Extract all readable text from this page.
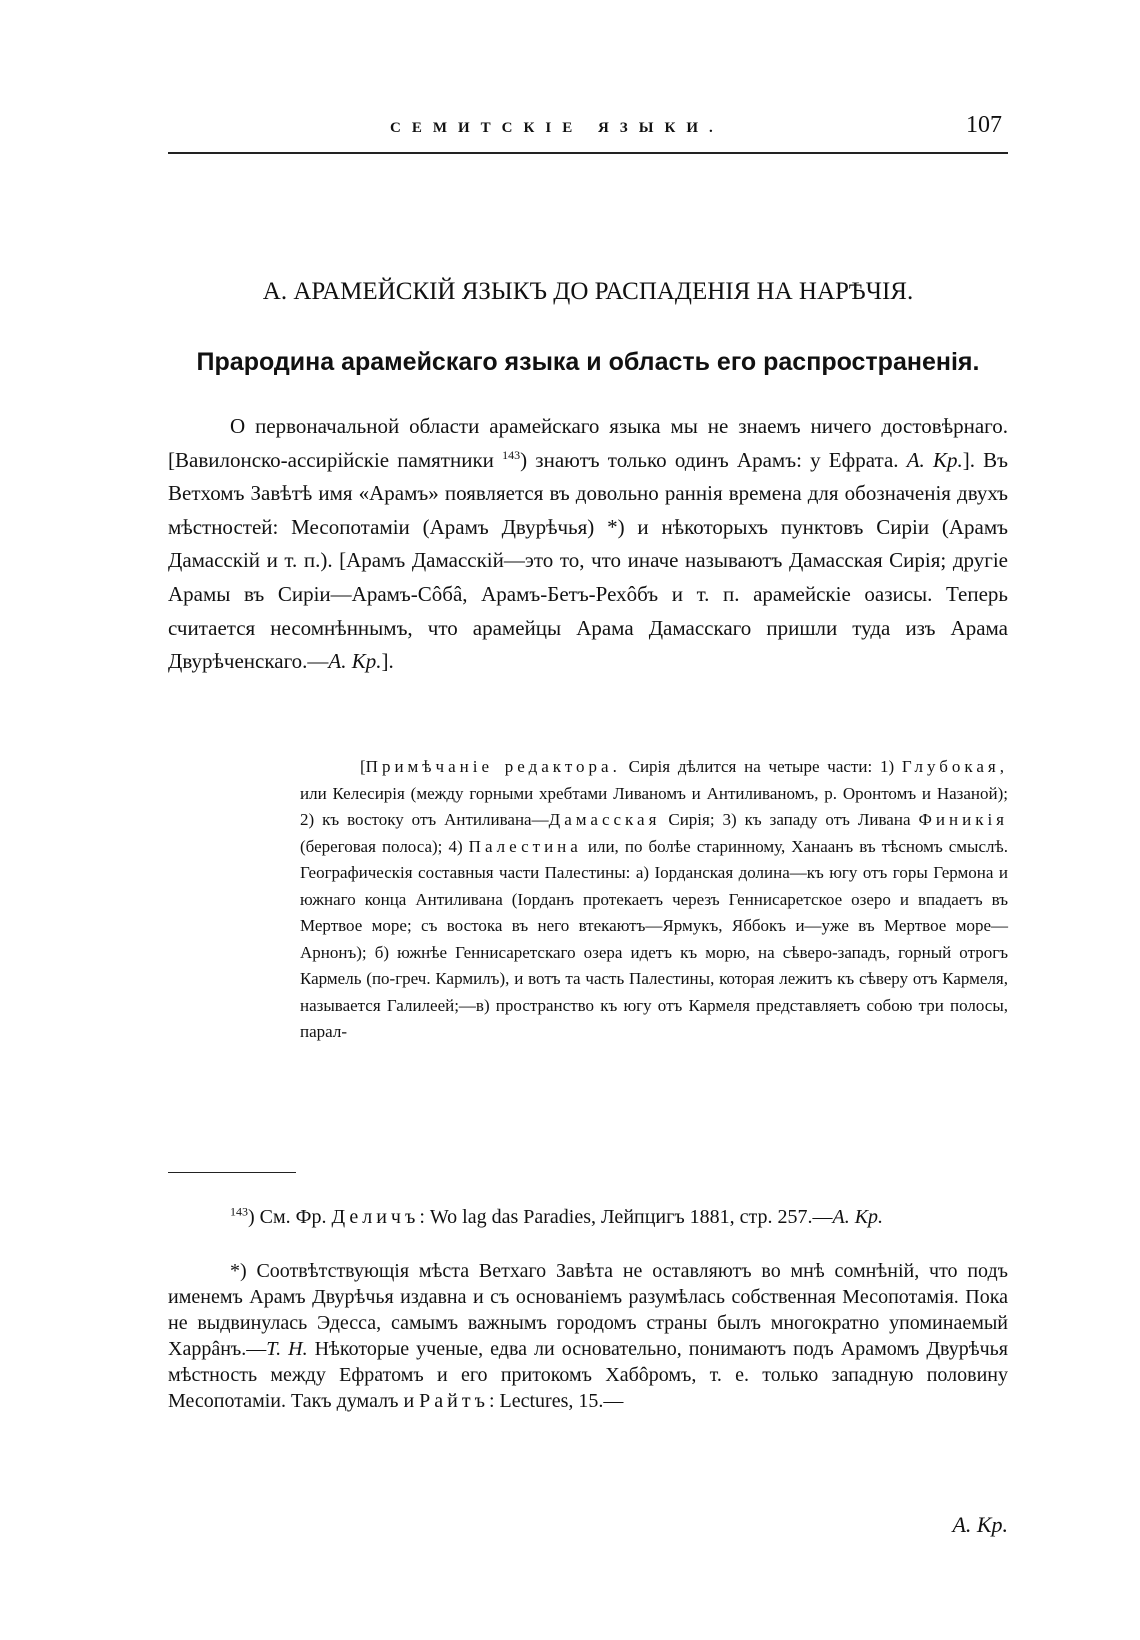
СЕМИТСКІЕ ЯЗЫКИ.	107
А. АРАМЕЙСКІЙ ЯЗЫКЪ ДО РАСПАДЕНІЯ НА НАРѢЧІЯ.
Прародина арамейскаго языка и область его распространенія.
О первоначальной области арамейскаго языка мы не знаемъ ничего достовѣрнаго. [Вавилонско-ассирійскіе памятники $^{143}$) знаютъ только одинъ Арамъ: у Ефрата. А. Кр.]. Въ Ветхомъ Завѣтѣ имя «Арамъ» появляется въ довольно раннія времена для обозначенія двухъ мѣстностей: Месопотаміи (Арамъ Двурѣчья) *) и нѣкоторыхъ пунктовъ Сиріи (Арамъ Дамасскій и т. п.). [Арамъ Дамасскій—это то, что иначе называютъ Дамасская Сирія; другіе Арамы въ Сиріи—Арамъ-Сôбâ, Арамъ-Бетъ-Рехôбъ и т. п. арамейскіе оазисы. Теперь считается несомнѣннымъ, что арамейцы Арама Дамасскаго пришли туда изъ Арама Двурѣченскаго.—А. Кр.].
[Примѣчаніе редактора. Сирія дѣлится на четыре части: 1) Глубокая, или Келесирія (между горными хребтами Ливаномъ и Антиливаномъ, р. Оронтомъ и Назаной); 2) къ востоку отъ Антиливана—Дамасская Сирія; 3) къ западу отъ Ливана Финикія (береговая полоса); 4) Палестина или, по болѣе старинному, Ханаанъ въ тѣсномъ смыслѣ. Географическія составныя части Палестины: а) Іорданская долина—къ югу отъ горы Гермона и южнаго конца Антиливана (Іорданъ протекаетъ черезъ Геннисаретское озеро и впадаетъ въ Мертвое море; съ востока въ него втекаютъ—Ярмукъ, Яббокъ и—уже въ Мертвое море—Арнонъ); б) южнѣе Геннисаретскаго озера идетъ къ морю, на сѣверо-западъ, горный отрогъ Кармель (по-греч. Кармилъ), и вотъ та часть Палестины, которая лежитъ къ сѣверу отъ Кармеля, называется Галилеей;—в) пространство къ югу отъ Кармеля представляетъ собою три полосы, парал-
$^{143}$) См. Фр. Деличъ: Wo lag das Paradies, Лейпцигъ 1881, стр. 257.—А. Кр.
*) Соотвѣтствующія мѣста Ветхаго Завѣта не оставляютъ во мнѣ сомнѣній, что подъ именемъ Арамъ Двурѣчья издавна и съ основаніемъ разумѣлась собственная Месопотамія. Пока не выдвинулась Эдесса, самымъ важнымъ городомъ страны былъ многократно упоминаемый Харрâнъ.—Т. Н. Нѣкоторые ученые, едва ли основательно, понимаютъ подъ Арамомъ Двурѣчья мѣстность между Ефратомъ и его притокомъ Хабôромъ, т. е. только западную половину Месопотаміи. Такъ думалъ и Райтъ: Lectures, 15.—
А. Кр.
